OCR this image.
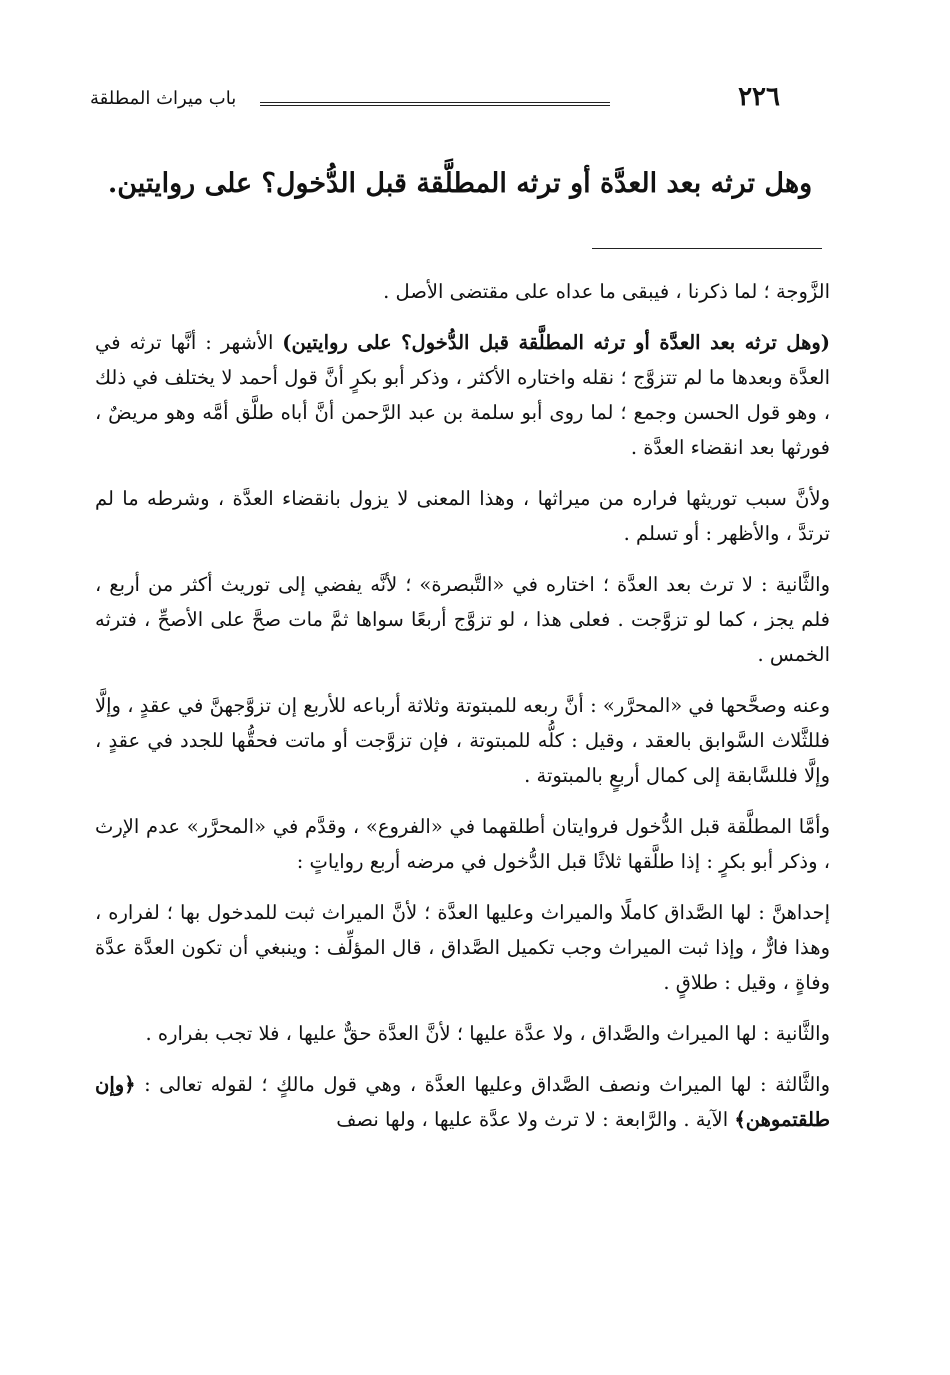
٢٢٦
باب ميراث المطلقة
وهل ترثه بعد العدَّة أو ترثه المطلَّقة قبل الدُّخول؟ على روايتين.

الزَّوجة ؛ لما ذكرنا ، فيبقى ما عداه على مقتضى الأصل .

(وهل ترثه بعد العدَّة أو ترثه المطلَّقة قبل الدُّخول؟ على روايتين) الأشهر : أنَّها ترثه في العدَّة وبعدها ما لم تتزوَّج ؛ نقله واختاره الأكثر ، وذكر أبو بكرٍ أنَّ قول أحمد لا يختلف في ذلك ، وهو قول الحسن وجمع ؛ لما روى أبو سلمة بن عبد الرَّحمن أنَّ أباه طلَّق أمَّه وهو مريضٌ ، فورثها بعد انقضاء العدَّة .

ولأنَّ سبب توريثها فراره من ميراثها ، وهذا المعنى لا يزول بانقضاء العدَّة ، وشرطه ما لم ترتدَّ ، والأظهر : أو تسلم .

والثَّانية : لا ترث بعد العدَّة ؛ اختاره في «التَّبصرة» ؛ لأنَّه يفضي إلى توريث أكثر من أربع ، فلم يجز ، كما لو تزوَّجت . فعلى هذا ، لو تزوَّج أربعًا سواها ثمَّ مات صحَّ على الأصحِّ ، فترثه الخمس .

وعنه وصحَّحها في «المحرَّر» : أنَّ ربعه للمبتوتة وثلاثة أرباعه للأربع إن تزوَّجهنَّ في عقدٍ ، وإلَّا فللثَّلاث السَّوابق بالعقد ، وقيل : كلُّه للمبتوتة ، فإن تزوَّجت أو ماتت فحقُّها للجدد في عقدٍ ، وإلَّا فللسَّابقة إلى كمال أربعٍ بالمبتوتة .

وأمَّا المطلَّقة قبل الدُّخول فروايتان أطلقهما في «الفروع» ، وقدَّم في «المحرَّر» عدم الإرث ، وذكر أبو بكرٍ : إذا طلَّقها ثلاثًا قبل الدُّخول في مرضه أربع رواياتٍ :

إحداهنَّ : لها الصَّداق كاملًا والميراث وعليها العدَّة ؛ لأنَّ الميراث ثبت للمدخول بها ؛ لفراره ، وهذا فارٌّ ، وإذا ثبت الميراث وجب تكميل الصَّداق ، قال المؤلِّف : وينبغي أن تكون العدَّة عدَّة وفاةٍ ، وقيل : طلاقٍ .

والثَّانية : لها الميراث والصَّداق ، ولا عدَّة عليها ؛ لأنَّ العدَّة حقٌّ عليها ، فلا تجب بفراره .

والثَّالثة : لها الميراث ونصف الصَّداق وعليها العدَّة ، وهي قول مالكٍ ؛ لقوله تعالى : ﴿وإن طلقتموهن﴾ الآية . والرَّابعة : لا ترث ولا عدَّة عليها ، ولها نصف
